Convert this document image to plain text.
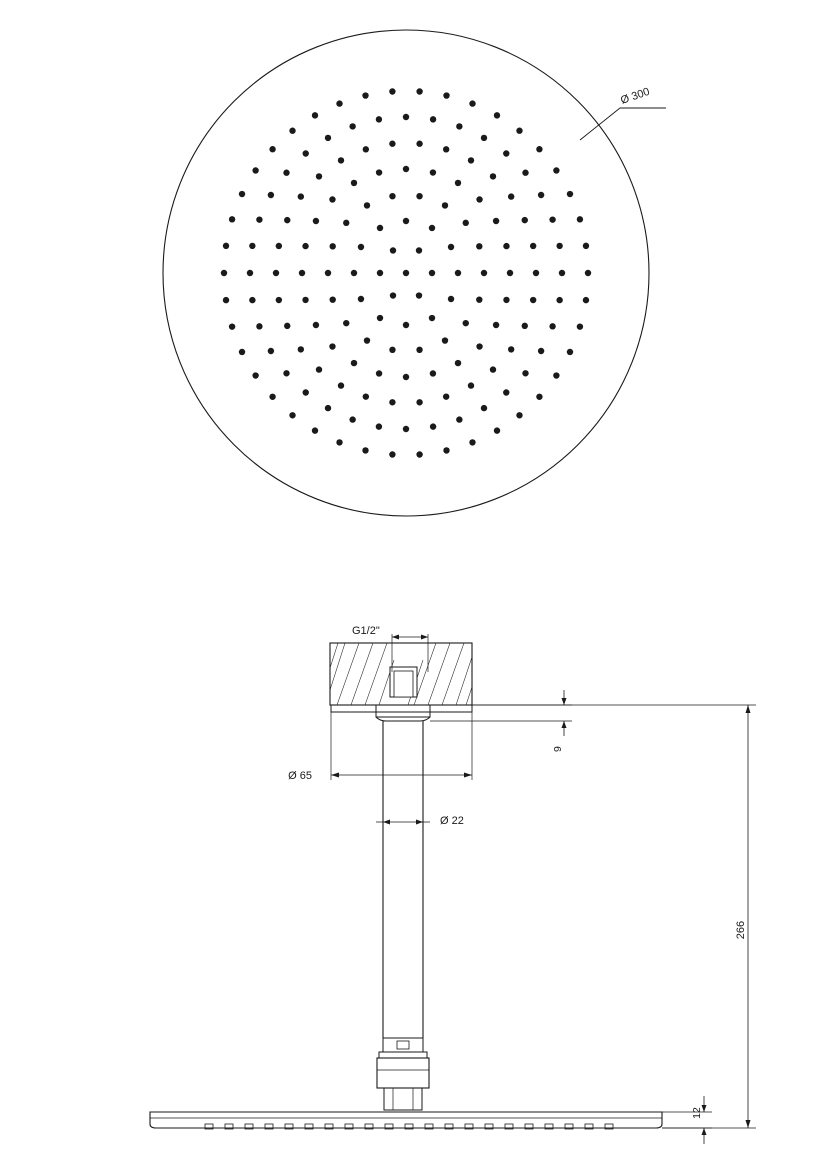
Ø 300
G1/2"
Ø 65
Ø 22
9
266
12
